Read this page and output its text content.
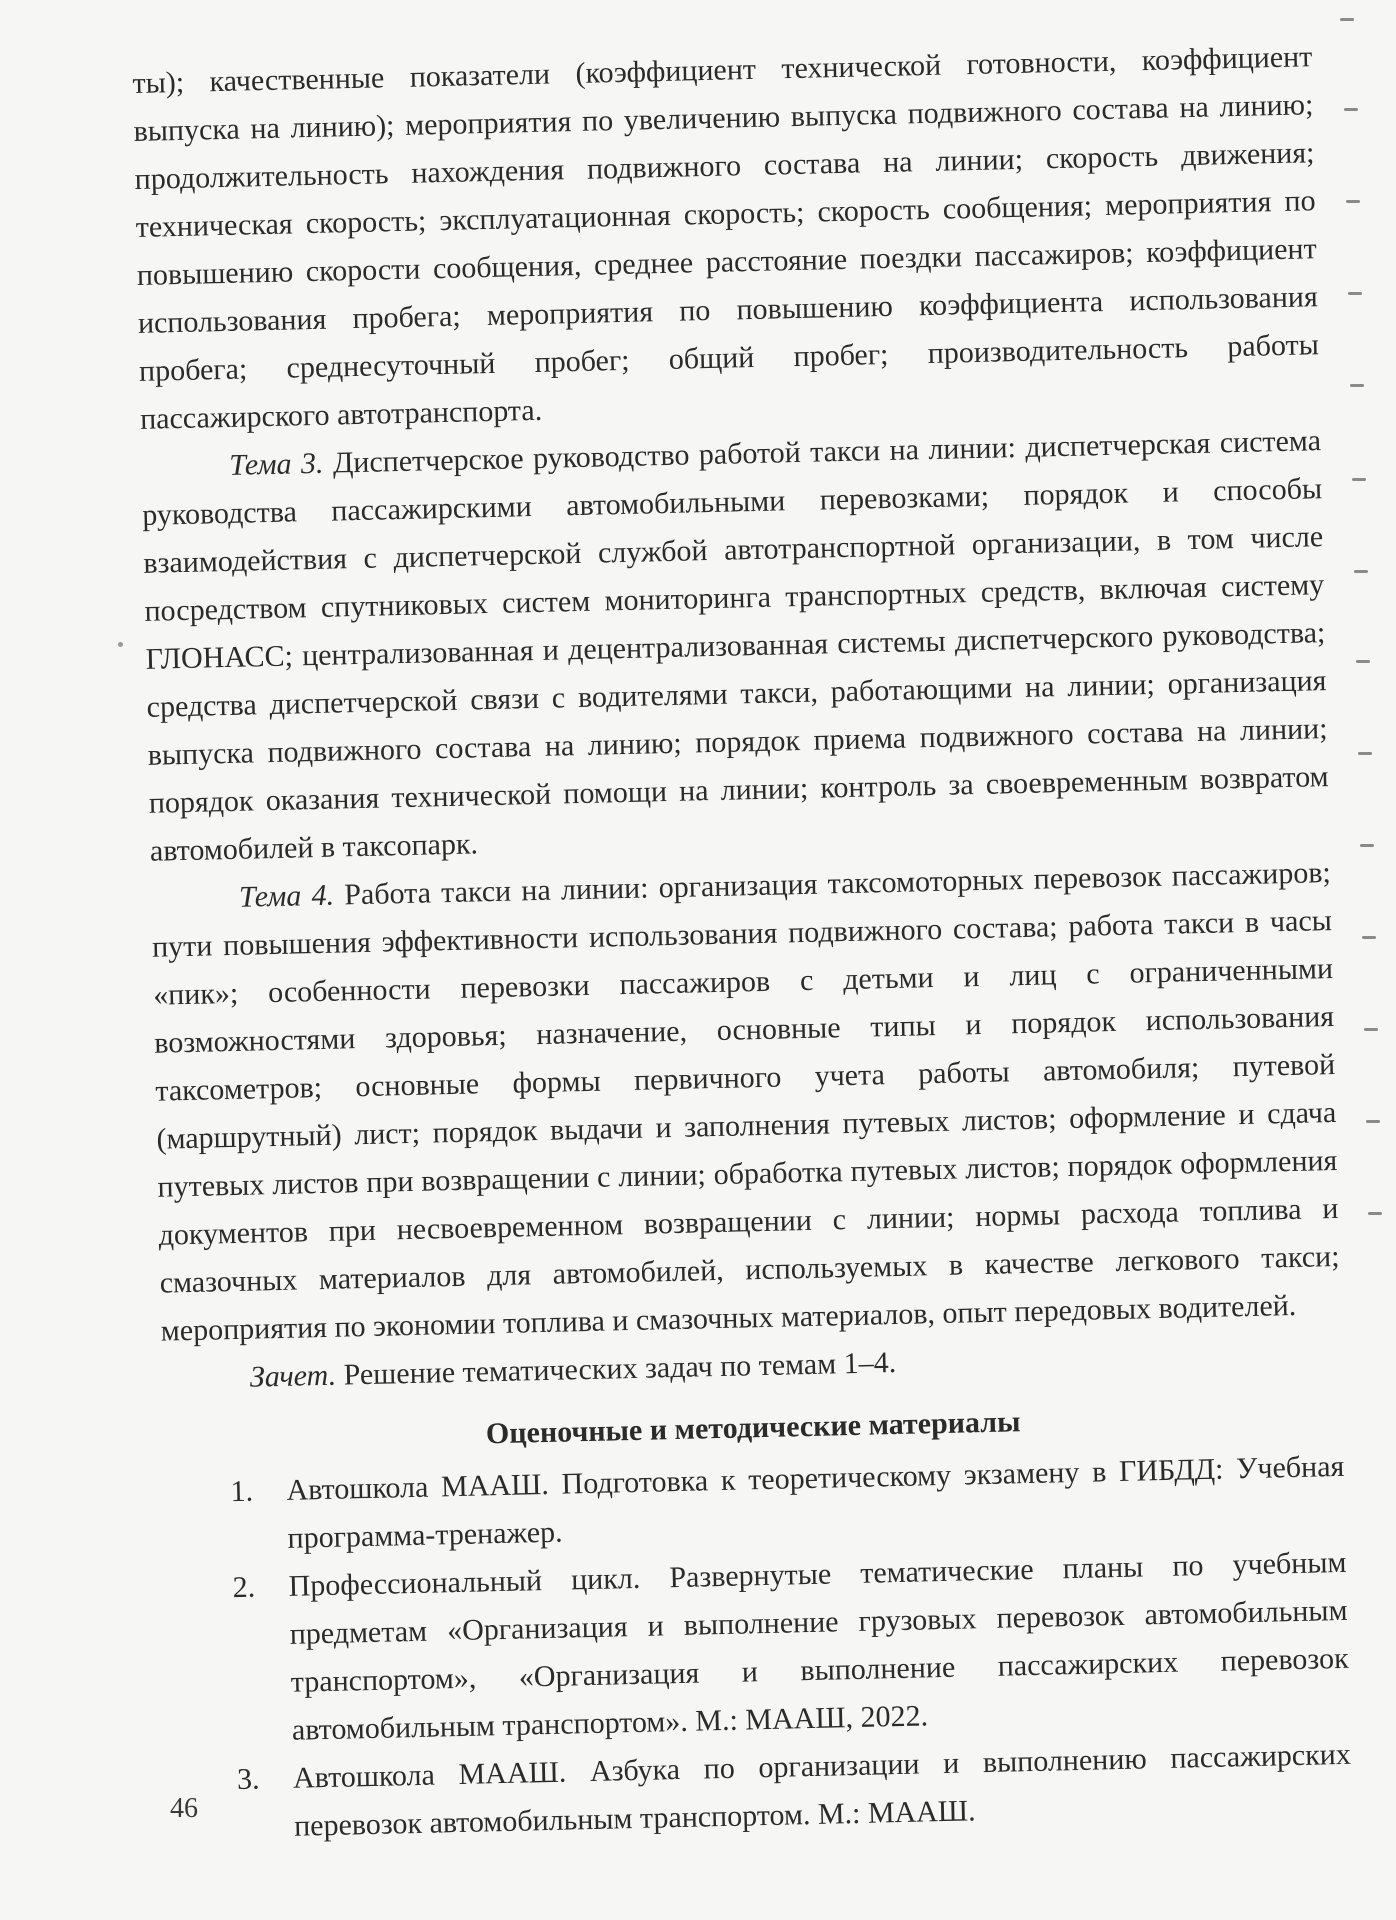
ты); качественные показатели (коэффициент технической готовности, коэффициент выпуска на линию); мероприятия по увеличению выпуска подвижного состава на линию; продолжительность нахождения подвижного состава на линии; скорость движения; техническая скорость; эксплуатационная скорость; скорость сообщения; мероприятия по повышению скорости сообщения, среднее расстояние поездки пассажиров; коэффициент использования пробега; мероприятия по повышению коэффициента использования пробега; среднесуточный пробег; общий пробег; производительность работы пассажирского автотранспорта.

Тема 3. Диспетчерское руководство работой такси на линии: диспетчерская система руководства пассажирскими автомобильными перевозками; порядок и способы взаимодействия с диспетчерской службой автотранспортной организации, в том числе посредством спутниковых систем мониторинга транспортных средств, включая систему ГЛОНАСС; централизованная и децентрализованная системы диспетчерского руководства; средства диспетчерской связи с водителями такси, работающими на линии; организация выпуска подвижного состава на линию; порядок приема подвижного состава на линии; порядок оказания технической помощи на линии; контроль за своевременным возвратом автомобилей в таксопарк.

Тема 4. Работа такси на линии: организация таксомоторных перевозок пассажиров; пути повышения эффективности использования подвижного состава; работа такси в часы «пик»; особенности перевозки пассажиров с детьми и лиц с ограниченными возможностями здоровья; назначение, основные типы и порядок использования таксометров; основные формы первичного учета работы автомобиля; путевой (маршрутный) лист; порядок выдачи и заполнения путевых листов; оформление и сдача путевых листов при возвращении с линии; обработка путевых листов; порядок оформления документов при несвоевременном возвращении с линии; нормы расхода топлива и смазочных материалов для автомобилей, используемых в качестве легкового такси; мероприятия по экономии топлива и смазочных материалов, опыт передовых водителей.

Зачет. Решение тематических задач по темам 1–4.

Оценочные и методические материалы
1. Автошкола МААШ. Подготовка к теоретическому экзамену в ГИБДД: Учебная программа-тренажер.
2. Профессиональный цикл. Развернутые тематические планы по учебным предметам «Организация и выполнение грузовых перевозок автомобильным транспортом», «Организация и выполнение пассажирских перевозок автомобильным транспортом». М.: МААШ, 2022.
3. Автошкола МААШ. Азбука по организации и выполнению пассажирских перевозок автомобильным транспортом. М.: МААШ.
46
